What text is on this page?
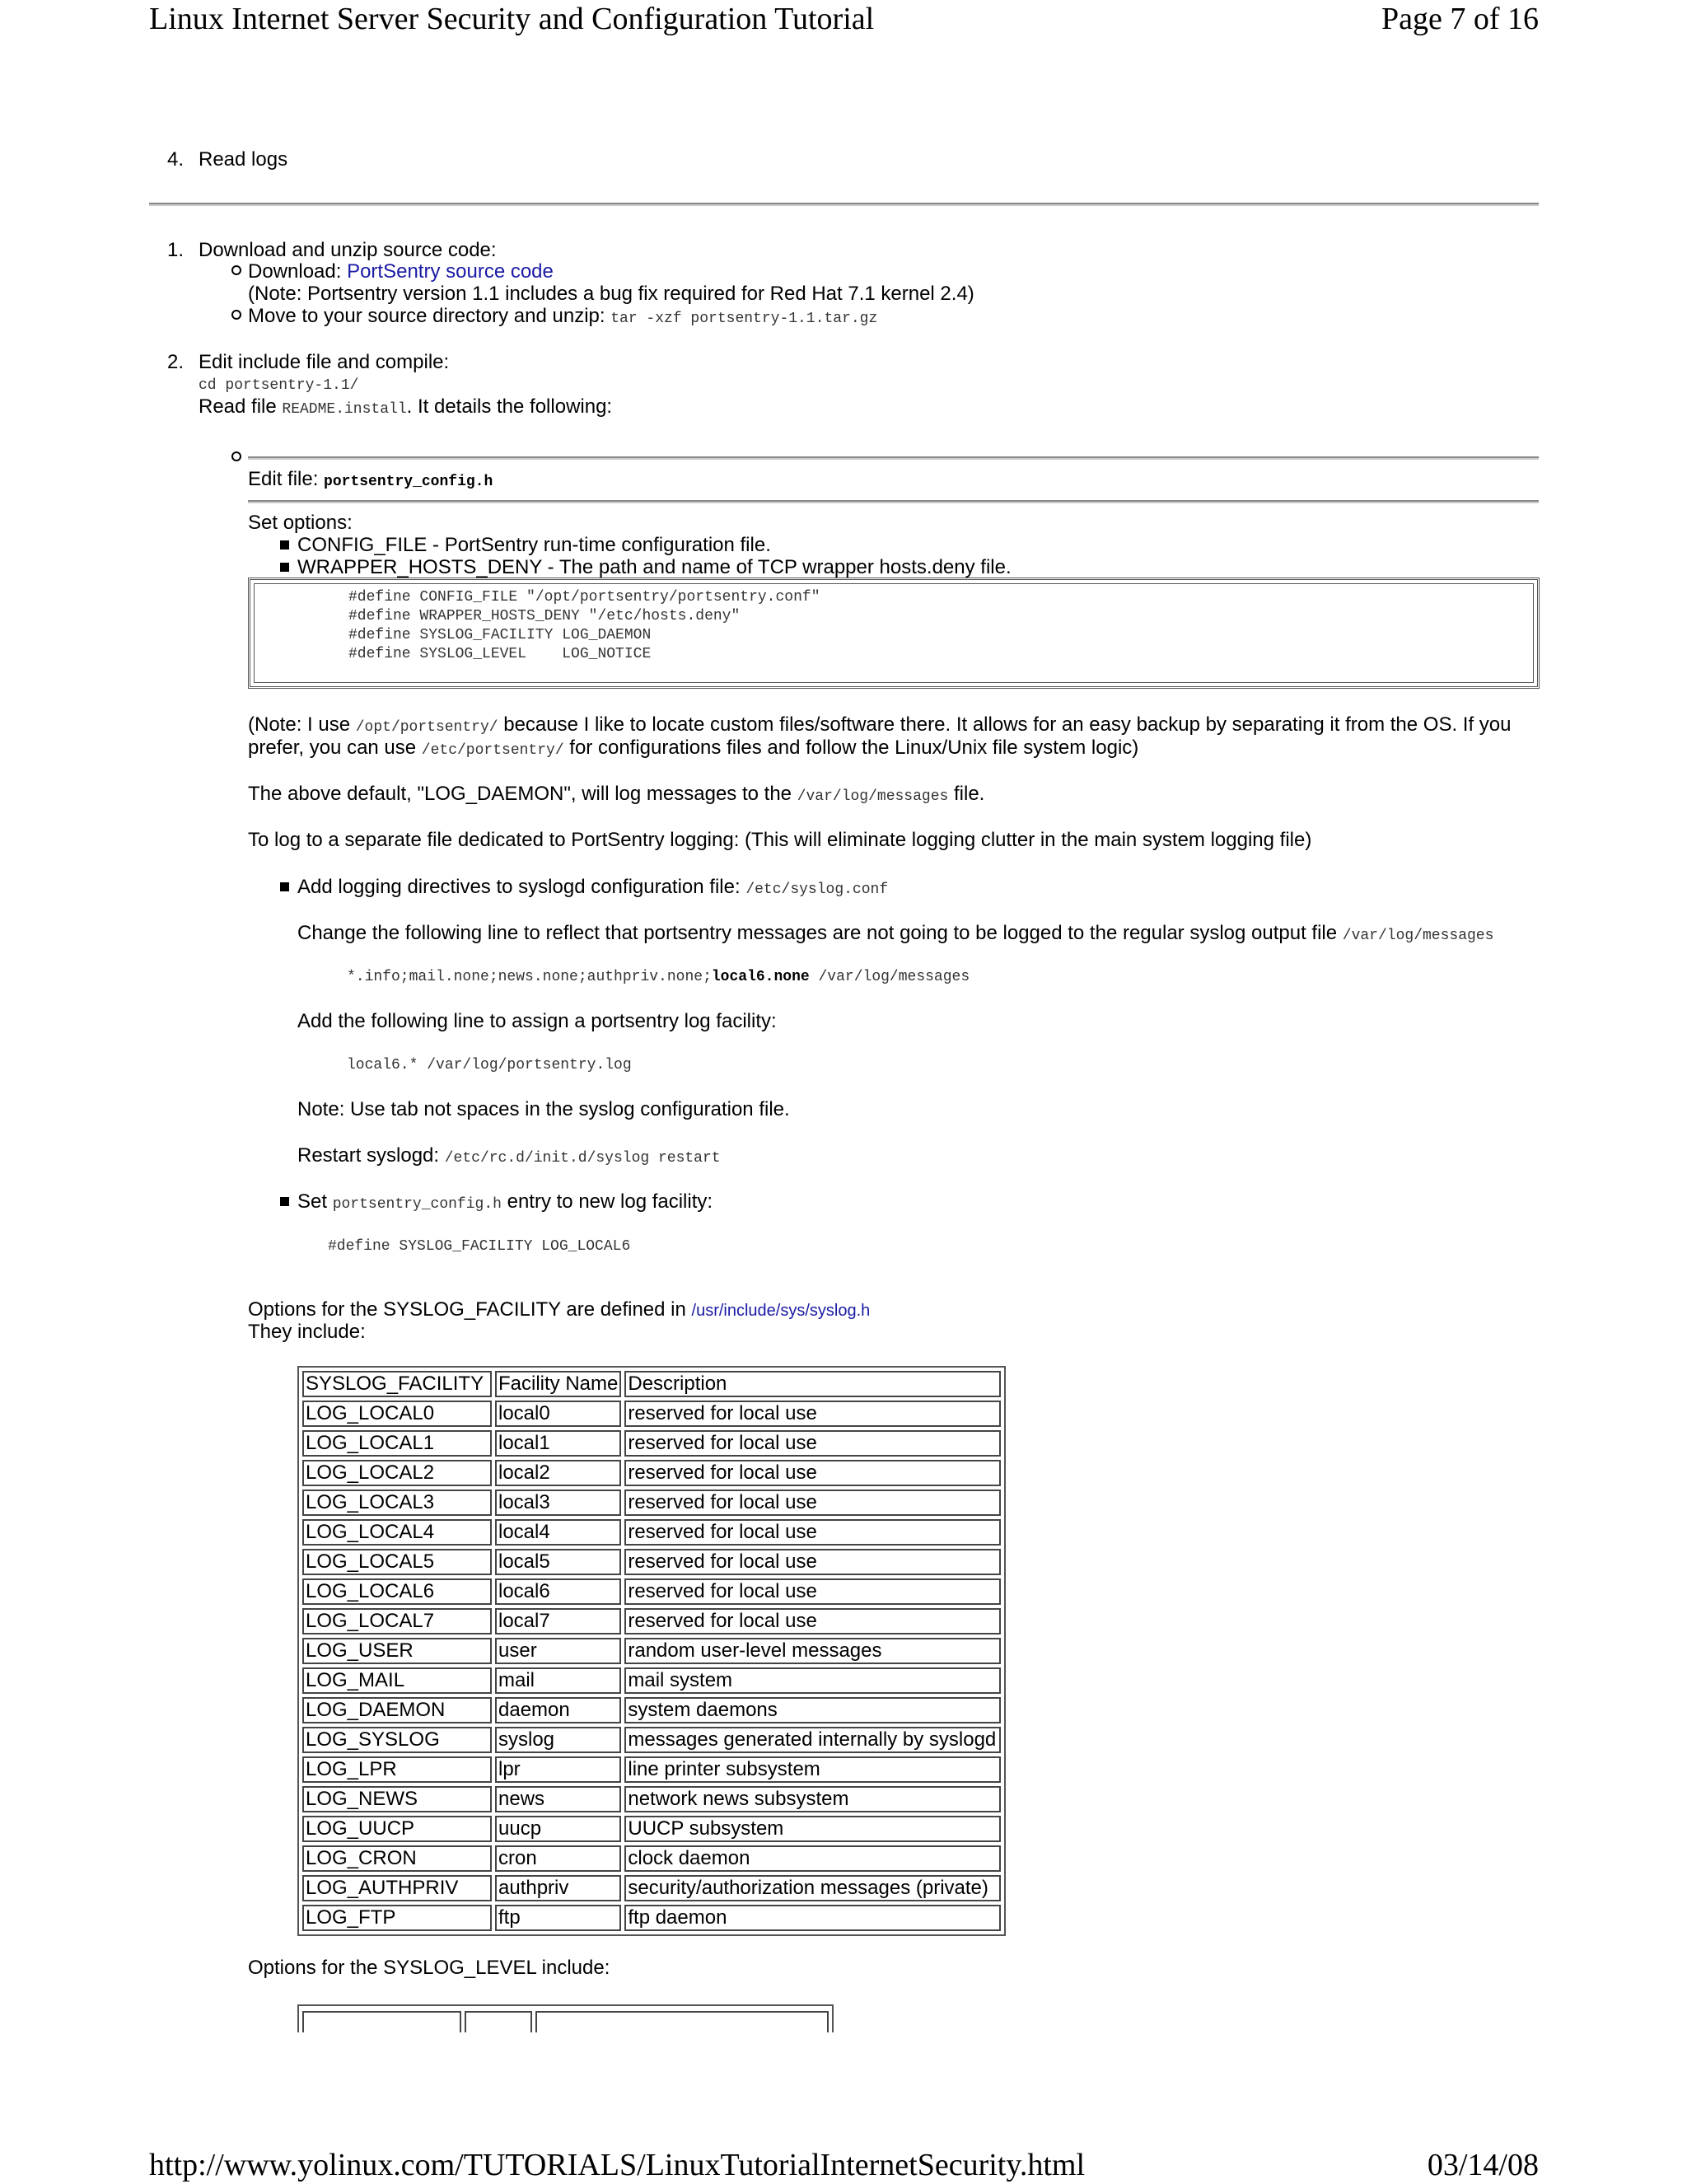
Linux Internet Server Security and Configuration Tutorial	Page 7 of 16
http://www.yolinux.com/TUTORIALS/LinuxTutorialInternetSecurity.html	03/14/08
4. Read logs
1. Download and unzip source code:
Download: PortSentry source code
(Note: Portsentry version 1.1 includes a bug fix required for Red Hat 7.1 kernel 2.4)
Move to your source directory and unzip: tar -xzf portsentry-1.1.tar.gz
2. Edit include file and compile:
cd portsentry-1.1/
Read file README.install. It details the following:
Edit file: portsentry_config.h
Set options:
CONFIG_FILE - PortSentry run-time configuration file.
WRAPPER_HOSTS_DENY - The path and name of TCP wrapper hosts.deny file.
#define CONFIG_FILE "/opt/portsentry/portsentry.conf"
#define WRAPPER_HOSTS_DENY "/etc/hosts.deny"
#define SYSLOG_FACILITY LOG_DAEMON
#define SYSLOG_LEVEL    LOG_NOTICE
(Note: I use /opt/portsentry/ because I like to locate custom files/software there. It allows for an easy backup by separating it from the OS. If you
prefer, you can use /etc/portsentry/ for configurations files and follow the Linux/Unix file system logic)
The above default, "LOG_DAEMON", will log messages to the /var/log/messages file.
To log to a separate file dedicated to PortSentry logging: (This will eliminate logging clutter in the main system logging file)
Add logging directives to syslogd configuration file: /etc/syslog.conf
Change the following line to reflect that portsentry messages are not going to be logged to the regular syslog output file /var/log/messages
*.info;mail.none;news.none;authpriv.none;local6.none /var/log/messages
Add the following line to assign a portsentry log facility:
local6.* /var/log/portsentry.log
Note: Use tab not spaces in the syslog configuration file.
Restart syslogd: /etc/rc.d/init.d/syslog restart
Set portsentry_config.h entry to new log facility:
#define SYSLOG_FACILITY LOG_LOCAL6
Options for the SYSLOG_FACILITY are defined in /usr/include/sys/syslog.h
They include:
SYSLOG_FACILITY	Facility Name	Description
LOG_LOCAL0	local0	reserved for local use
LOG_LOCAL1	local1	reserved for local use
LOG_LOCAL2	local2	reserved for local use
LOG_LOCAL3	local3	reserved for local use
LOG_LOCAL4	local4	reserved for local use
LOG_LOCAL5	local5	reserved for local use
LOG_LOCAL6	local6	reserved for local use
LOG_LOCAL7	local7	reserved for local use
LOG_USER	user	random user-level messages
LOG_MAIL	mail	mail system
LOG_DAEMON	daemon	system daemons
LOG_SYSLOG	syslog	messages generated internally by syslogd
LOG_LPR	lpr	line printer subsystem
LOG_NEWS	news	network news subsystem
LOG_UUCP	uucp	UUCP subsystem
LOG_CRON	cron	clock daemon
LOG_AUTHPRIV	authpriv	security/authorization messages (private)
LOG_FTP	ftp	ftp daemon
Options for the SYSLOG_LEVEL include:
